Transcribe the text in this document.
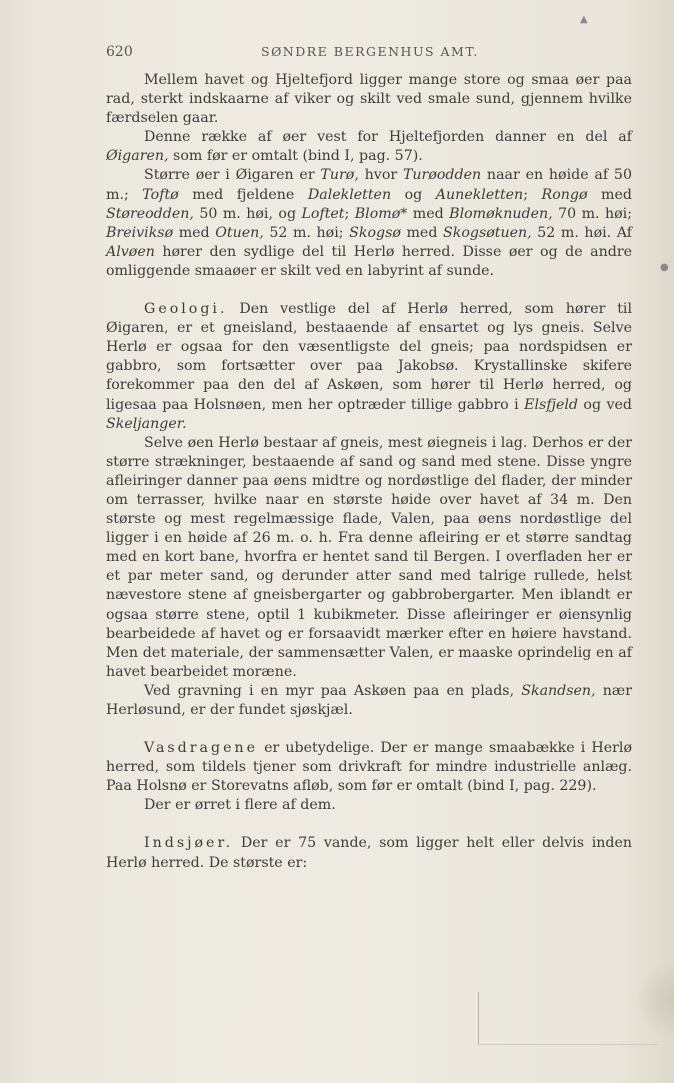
620	SØNDRE BERGENHUS AMT.

Mellem havet og Hjeltefjord ligger mange store og smaa øer paa rad, sterkt indskaarne af viker og skilt ved smale sund, gjennem hvilke færdselen gaar.

Denne række af øer vest for Hjeltefjorden danner en del af Øigaren, som før er omtalt (bind I, pag. 57).

Større øer i Øigaren er Turø, hvor Turøodden naar en høide af 50 m.; Toftø med fjeldene Dalekletten og Aunekletten; Rongø med Støreodden, 50 m. høi, og Loftet; Blomø* med Blomøknuden, 70 m. høi; Breiviksø med Otuen, 52 m. høi; Skogsø med Skogsøtuen, 52 m. høi. Af Alvøen hører den sydlige del til Herlø herred. Disse øer og de andre omliggende smaaøer er skilt ved en labyrint af sunde.

Geologi. Den vestlige del af Herlø herred, som hører til Øigaren, er et gneisland, bestaaende af ensartet og lys gneis. Selve Herlø er ogsaa for den væsentligste del gneis; paa nordspidsen er gabbro, som fortsætter over paa Jakobsø. Krystallinske skifere forekommer paa den del af Askøen, som hører til Herlø herred, og ligesaa paa Holsnøen, men her optræder tillige gabbro i Elsfjeld og ved Skeljanger.

Selve øen Herlø bestaar af gneis, mest øiegneis i lag. Derhos er der større strækninger, bestaaende af sand og sand med stene. Disse yngre afleiringer danner paa øens midtre og nordøstlige del flader, der minder om terrasser, hvilke naar en største høide over havet af 34 m. Den største og mest regelmæssige flade, Valen, paa øens nordøstlige del ligger i en høide af 26 m. o. h. Fra denne afleiring er et større sandtag med en kort bane, hvorfra er hentet sand til Bergen. I overfladen her er et par meter sand, og derunder atter sand med talrige rullede, helst nævestore stene af gneisbergarter og gabbrobergarter. Men iblandt er ogsaa større stene, optil 1 kubikmeter. Disse afleiringer er øiensynlig bearbeidede af havet og er forsaavidt mærker efter en høiere havstand. Men det materiale, der sammensætter Valen, er maaske oprindelig en af havet bearbeidet moræne.

Ved gravning i en myr paa Askøen paa en plads, Skandsen, nær Herløsund, er der fundet sjøskjæl.

Vasdragene er ubetydelige. Der er mange smaabække i Herlø herred, som tildels tjener som drivkraft for mindre industrielle anlæg. Paa Holsnø er Storevatns afløb, som før er omtalt (bind I, pag. 229).

Der er ørret i flere af dem.

Indsjøer. Der er 75 vande, som ligger helt eller delvis inden Herlø herred. De største er:

▲
●
